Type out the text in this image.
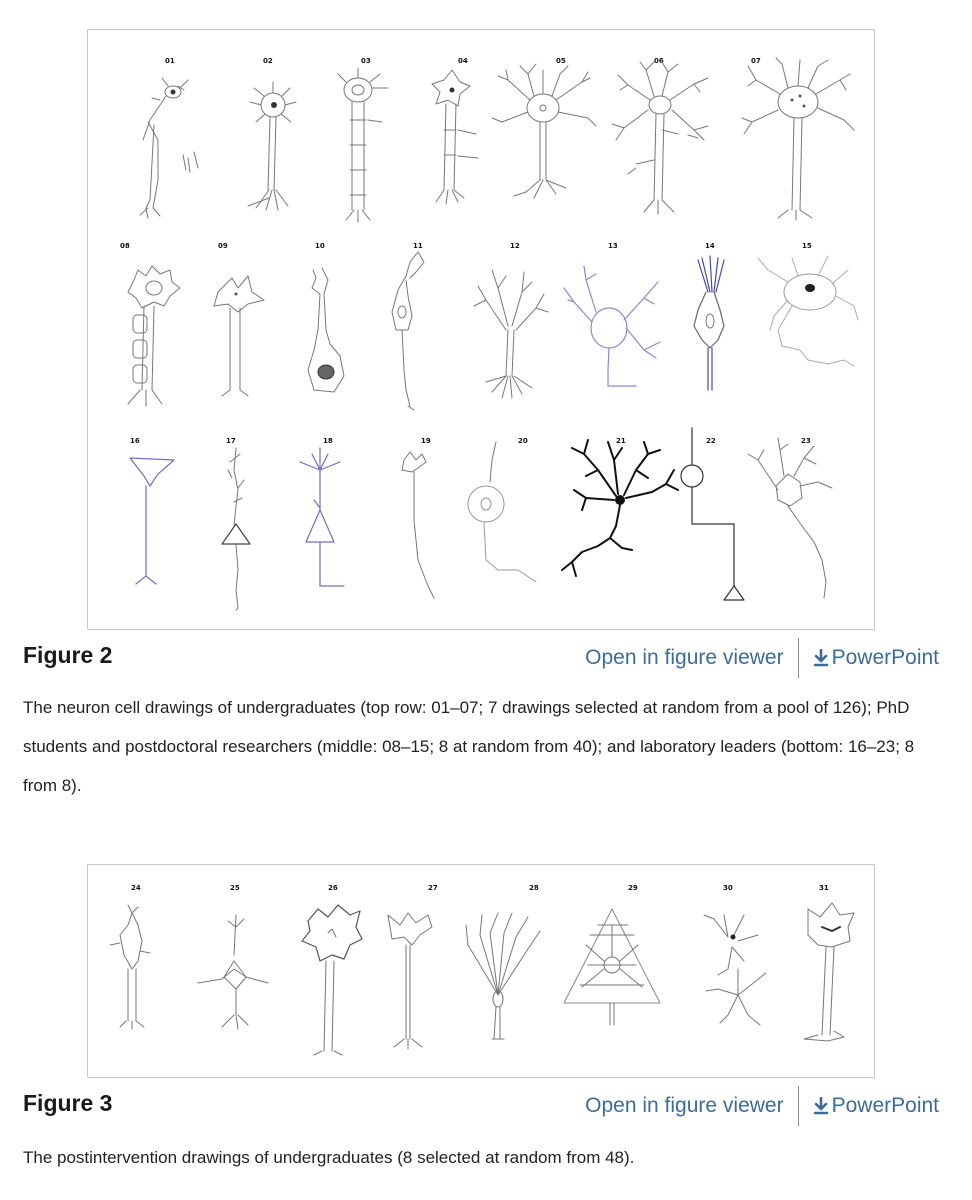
01	02	03	04	05	06	07
08	09	10	11	12	13	14	15
16	17	18	19	20	21	22	23
Figure 2	Open in figure viewer	PowerPoint
The neuron cell drawings of undergraduates (top row: 01–07; 7 drawings selected at random from a pool of 126); PhD students and postdoctoral researchers (middle: 08–15; 8 at random from 40); and laboratory leaders (bottom: 16–23; 8 from 8).
24	25	26	27	28	29	30	31
Figure 3	Open in figure viewer	PowerPoint
The postintervention drawings of undergraduates (8 selected at random from 48).
